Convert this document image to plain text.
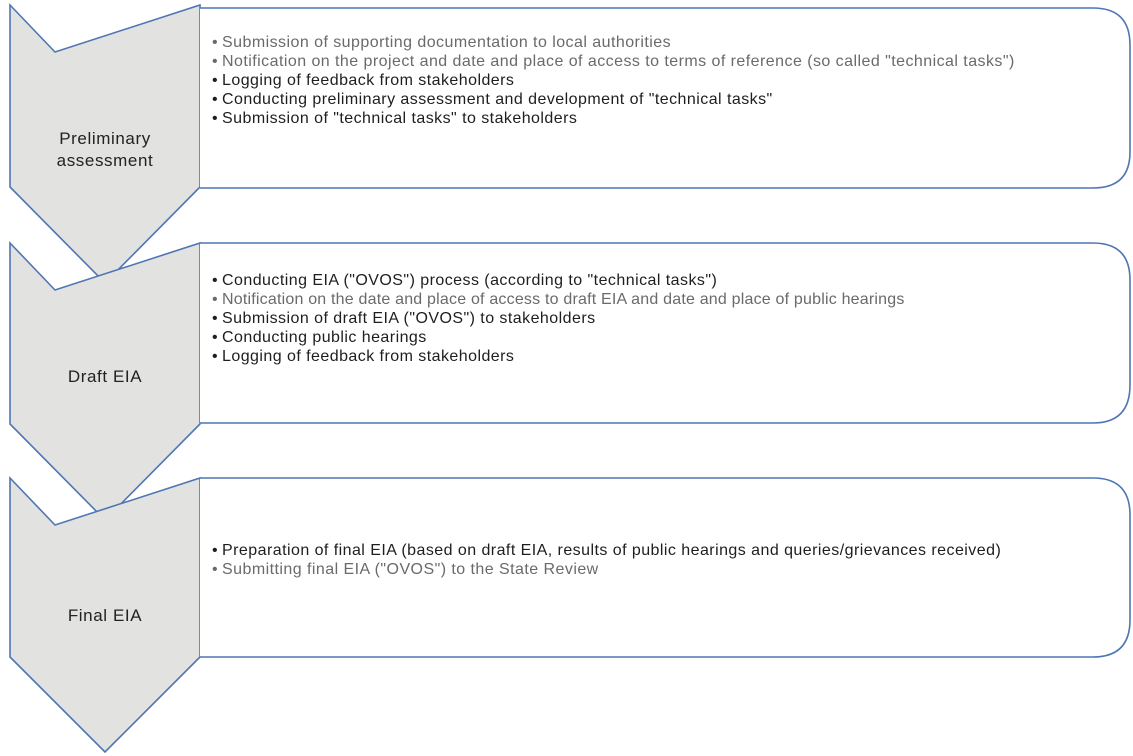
Preliminary assessment
• Submission of supporting documentation to local authorities
• Notification on the project and date and place of access to terms of reference (so called "technical tasks")
• Logging of feedback from stakeholders
• Conducting preliminary assessment and development of "technical tasks"
• Submission of "technical tasks" to stakeholders
Draft EIA
• Conducting EIA ("OVOS") process (according to "technical tasks")
• Notification on the date and place of access to draft EIA and date and place of public hearings
• Submission of draft EIA ("OVOS") to stakeholders
• Conducting public hearings
• Logging of feedback from stakeholders
Final EIA
• Preparation of final EIA (based on draft EIA, results of public hearings and queries/grievances received)
• Submitting final EIA ("OVOS") to the State Review
